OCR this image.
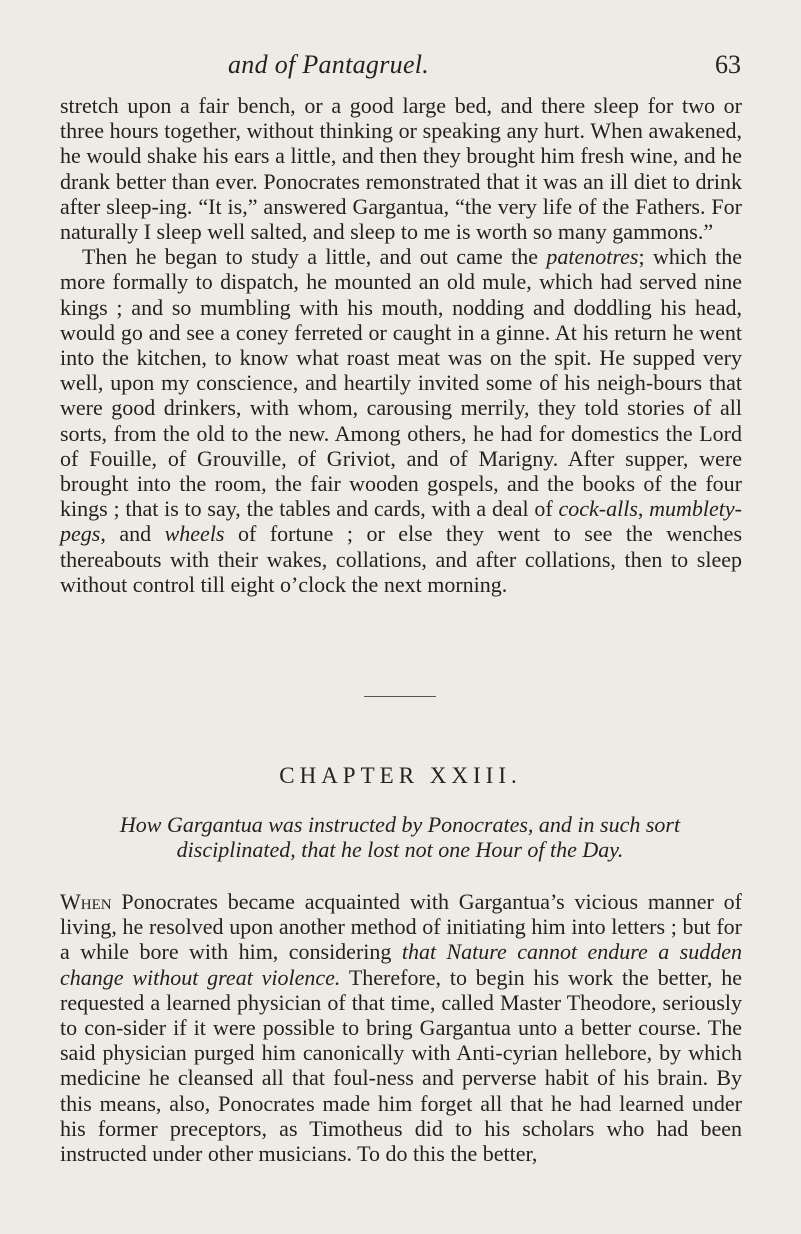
and of Pantagruel.	63

stretch upon a fair bench, or a good large bed, and there sleep for two or three hours together, without thinking or speaking any hurt. When awakened, he would shake his ears a little, and then they brought him fresh wine, and he drank better than ever. Ponocrates remonstrated that it was an ill diet to drink after sleep-ing. “It is,” answered Gargantua, “the very life of the Fathers. For naturally I sleep well salted, and sleep to me is worth so many gammons.”

Then he began to study a little, and out came the patenotres; which the more formally to dispatch, he mounted an old mule, which had served nine kings ; and so mumbling with his mouth, nodding and doddling his head, would go and see a coney ferreted or caught in a ginne. At his return he went into the kitchen, to know what roast meat was on the spit. He supped very well, upon my conscience, and heartily invited some of his neigh-bours that were good drinkers, with whom, carousing merrily, they told stories of all sorts, from the old to the new. Among others, he had for domestics the Lord of Fouille, of Grouville, of Griviot, and of Marigny. After supper, were brought into the room, the fair wooden gospels, and the books of the four kings ; that is to say, the tables and cards, with a deal of cock-alls, mumblety-pegs, and wheels of fortune ; or else they went to see the wenches thereabouts with their wakes, collations, and after collations, then to sleep without control till eight o’clock the next morning.

CHAPTER XXIII.
How Gargantua was instructed by Ponocrates, and in such sort disciplinated, that he lost not one Hour of the Day.

When Ponocrates became acquainted with Gargantua’s vicious manner of living, he resolved upon another method of initiating him into letters ; but for a while bore with him, considering that Nature cannot endure a sudden change without great violence. Therefore, to begin his work the better, he requested a learned physician of that time, called Master Theodore, seriously to con-sider if it were possible to bring Gargantua unto a better course. The said physician purged him canonically with Anti-cyrian hellebore, by which medicine he cleansed all that foul-ness and perverse habit of his brain. By this means, also, Ponocrates made him forget all that he had learned under his former preceptors, as Timotheus did to his scholars who had been instructed under other musicians. To do this the better,
